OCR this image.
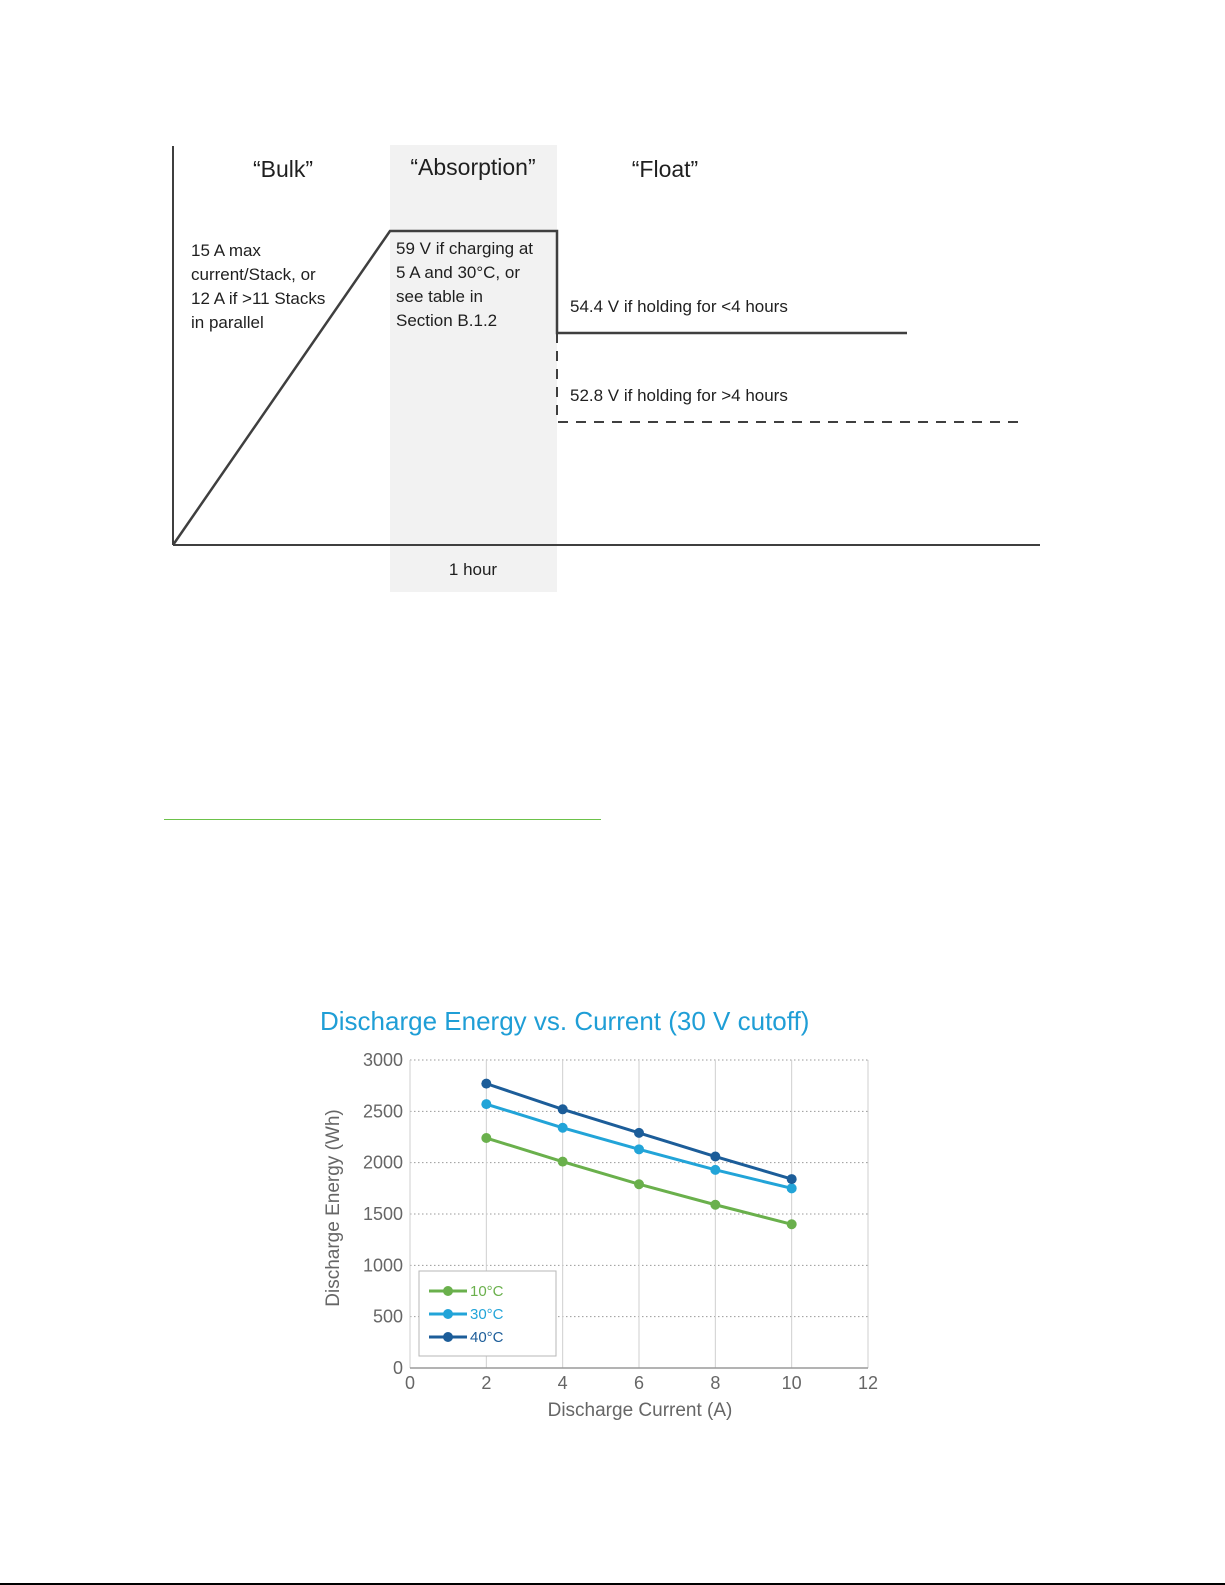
“Bulk”	“Absorption”	“Float”
15 A max
current/Stack, or
12 A if >11 Stacks
in parallel
59 V if charging at
5 A and 30°C, or
see table in
Section B.1.2
54.4 V if holding for <4 hours
52.8 V if holding for >4 hours
1 hour
Discharge Energy vs. Current (30 V cutoff)
0
500
1000
1500
2000
2500
3000
0	2	4	6	8	10	12
Discharge Current (A)
Discharge Energy (Wh)	10°C
30°C
40°C
